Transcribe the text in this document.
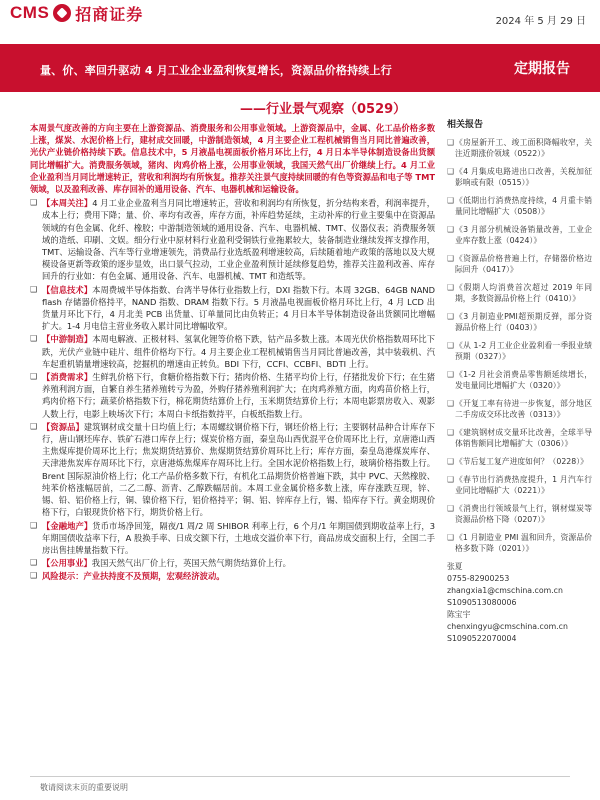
CMS 招商证券	2024 年 5 月 29 日
量、价、率回升驱动 4 月工业企业盈利恢复增长，资源品价格持续上行	定期报告
——行业景气观察（0529）

本周景气度改善的方向主要在上游资源品、消费服务和公用事业领域。上游资源品中，金属、化工品价格多数上涨，煤炭、水泥价格上行，建材成交回暖，中游制造领域，4 月主要企业工程机械销售当月同比普遍改善，光伏产业链价格持续下跌。信息技术中，5 月液晶电视面板价格月环比上行，4 月日本半导体制造设备出货额同比增幅扩大。消费服务领域，猪肉、肉鸡价格上涨，公用事业领域，我国天然气出厂价继续上行。4 月工业企业盈利当月同比增速转正，营收和利润均有所恢复。推荐关注景气度持续回暖的有色等资源品和电子等 TMT 领域，以及盈利改善、库存回补的通用设备、汽车、电器机械和运输设备。

❑ 【本周关注】4 月工业企业盈利当月同比增速转正，营收和利润均有所恢复，折分结构来看，利润率提升，成本上行；费用下降；量、价、率均有改善，库存方面，补库趋势延续，主动补库的行业主要集中在资源品领域的有色金属、化纤、橡胶；中游制造领域的通用设备、汽车、电器机械、TMT、仪器仪表；消费服务领域的造纸、印刷、文娱。细分行业中原材料行业盈利受铜铁行业拖累较大，装备制造业继续发挥支撑作用，TMT、运输设备、汽车等行业增速领先，消费品行业选纸盈利增速较高，后续随着地产政策的落地以及大规模设备更新等政策的逐步显效，出口景气拉动，工业企业盈利预计延续修复趋势，推荐关注盈利改善、库存回升的行业如：有色金属、通用设备、汽车、电器机械、TMT 和造纸等。

❑ 【信息技术】本周费城半导体指数、台湾半导体行业指数上行，DXI 指数下行。本周 32GB、64GB NAND flash 存储器价格持平，NAND 指数、DRAM 指数下行。5 月液晶电视面板价格月环比上行，4 月 LCD 出货量月环比下行，4 月北美 PCB 出货量、订单量同比由负转正；4 月日本半导体制造设备出货额同比增幅扩大。1-4 月电信主营业务收入累计同比增幅收窄。

❑ 【中游制造】本周电解液、正极材料、氢氧化锂等价格下跌，钴产品多数上涨。本周光伏价格指数周环比下跌，光伏产业链中硅片、组件价格均下行。4 月主要企业工程机械销售当月同比普遍改善，其中装载机、汽车起重机销量增速较高，挖掘机的增速由正转负。BDI 下行，CCFI、CCBFI、BDTI 上行。

❑ 【消费需求】生鲜乳价格下行，食糖价格指数下行；猪肉价格、生猪平均价上行，仔猪批发价下行；在生猪养殖利润方面，自繁自养生猪养殖转亏为盈，外购仔猪养殖利润扩大；在肉鸡养殖方面，肉鸡苗价格上行，鸡肉价格下行；蔬菜价格指数下行，棉花期货结算价上行，玉米期货结算价上行；本周电影票房收入、观影人数上行，电影上映场次下行；本周白卡纸指数持平，白板纸指数上行。

❑ 【资源品】建筑钢材成交量十日均值上行；本周螺纹钢价格下行，钢坯价格上行；主要钢材品种合计库存下行，唐山钢坯库存、铁矿石港口库存上行；煤炭价格方面，秦皇岛山西优混平仓价周环比上行，京唐港山西主焦煤库提价周环比上行；焦炭期货结算价、焦煤期货结算价周环比上行；库存方面，秦皇岛港煤炭库存、天津港焦炭库存周环比下行，京唐港炼焦煤库存周环比上行。全国水泥价格指数上行，玻璃价格指数上行。Brent 国际原油价格上行；化工产品价格多数下行，有机化工品期货价格普遍下跌，其中 PVC、天然橡胶、纯苯价格涨幅居前，二乙二醇、沥青、乙醇跌幅居前。本周工业金属价格多数上涨，库存涨跌互现，锌、锡、铅、铝价格上行，铜、镍价格下行，铝价格持平；铜、铝、锌库存上行，锡、铅库存下行。黄金期现价格下行，白银现货价格下行，期货价格上行。

❑ 【金融地产】货币市场净回笼，隔夜/1 周/2 周 SHIBOR 利率上行，6 个月/1 年期国债到期收益率上行，3 年期国债收益率下行，A 股换手率、日成交额下行，土地成交溢价率下行，商品房成交面积上行，全国二手房出售挂牌量指数下行。

❑ 【公用事业】我国天然气出厂价上行，英国天然气期货结算价上行。

❑ 风险提示：产业扶持度不及预期，宏观经济波动。

相关报告
❑ 《房屋新开工、竣工面积降幅收窄，关注近期涨价领域（0522）》
❑ 《4 月集成电路进出口改善，关税加征影响或有限（0515）》
❑ 《低期出行消费热度持续，4 月重卡销量同比增幅扩大（0508）》
❑ 《3 月部分机械设备销量改善，工业企业库存数上涨（0424）》
❑ 《资源品价格普遍上行，存储器价格边际回升（0417）》
❑ 《假期人均消费首次超过 2019 年同期，多数资源品价格上行（0410）》
❑ 《3 月制造业PMI超预期反弹，部分资源品价格上行（0403）》
❑ 《从 1-2 月工业企业盈利看一季报业绩预期（0327）》
❑ 《1-2 月社会消费品零售额延续增长，发电量同比增幅扩大（0320）》
❑ 《开复工率有待进一步恢复，部分地区二手房成交环比改善（0313）》
❑ 《建筑钢材成交量环比改善，全球半导体销售额同比增幅扩大（0306）》
❑ 《节后复工复产进度如何？（0228）》
❑ 《春节出行消费热度提升，1 月汽车行业同比增幅扩大（0221）》
❑ 《消费出行领域景气上行，钢材煤炭等资源品价格下降（0207）》
❑ 《1 月制造业 PMI 温和回升，资源品价格多数下降（0201）》
张夏
0755-82900253
zhangxia1@cmschina.com.cn
S1090513080006
陈宝宇
chenxingyu@cmschina.com.cn
S1090522070004
敬请阅读末页的重要说明
